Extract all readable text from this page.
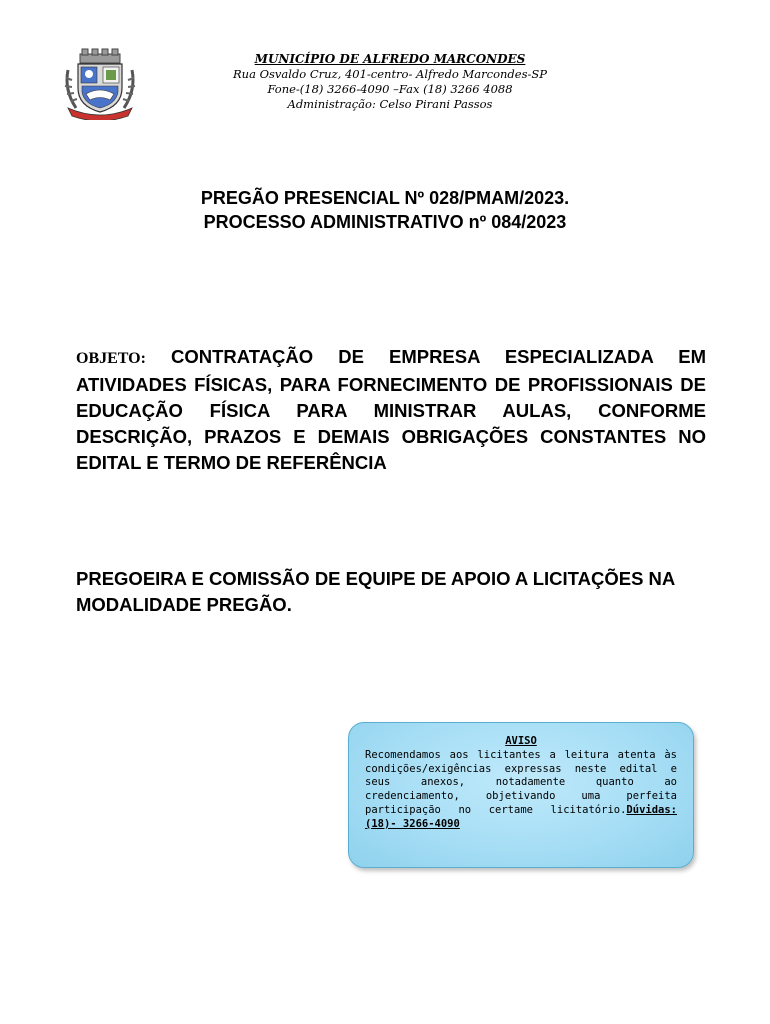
MUNICÍPIO DE ALFREDO MARCONDES
Rua Osvaldo Cruz, 401-centro- Alfredo Marcondes-SP
Fone-(18) 3266-4090 –Fax (18) 3266 4088
Administração: Celso Pirani Passos
PREGÃO PRESENCIAL Nº 028/PMAM/2023.
PROCESSO ADMINISTRATIVO nº 084/2023
OBJETO: CONTRATAÇÃO DE EMPRESA ESPECIALIZADA EM ATIVIDADES FÍSICAS, PARA FORNECIMENTO DE PROFISSIONAIS DE EDUCAÇÃO FÍSICA PARA MINISTRAR AULAS, CONFORME DESCRIÇÃO, PRAZOS E DEMAIS OBRIGAÇÕES CONSTANTES NO EDITAL E TERMO DE REFERÊNCIA
PREGOEIRA E COMISSÃO DE EQUIPE DE APOIO A LICITAÇÕES NA MODALIDADE PREGÃO.
AVISO
Recomendamos aos licitantes a leitura atenta às condições/exigências expressas neste edital e seus anexos, notadamente quanto ao credenciamento, objetivando uma perfeita participação no certame licitatório.Dúvidas: (18)- 3266-4090
